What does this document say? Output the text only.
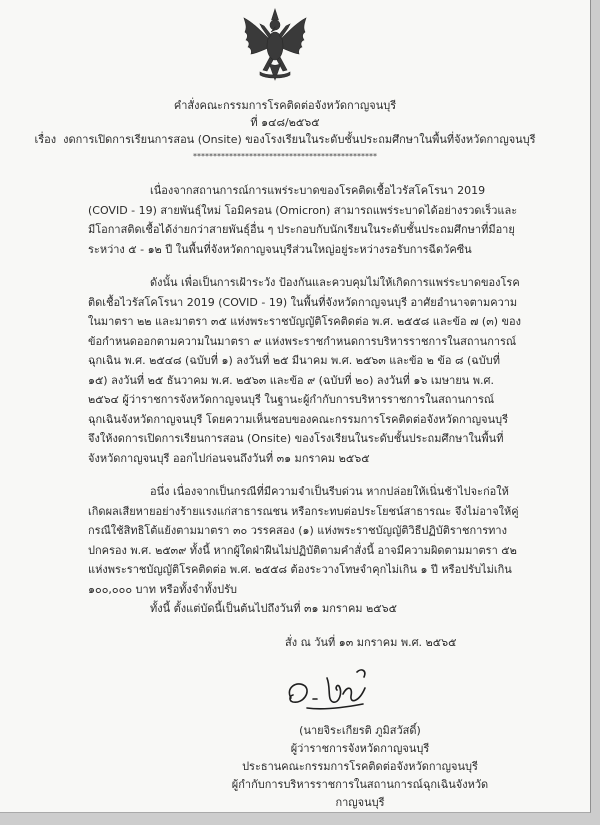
คำสั่งคณะกรรมการโรคติดต่อจังหวัดกาญจนบุรี
ที่ ๑๔๘/๒๕๖๕
เรื่อง งดการเปิดการเรียนการสอน (Onsite) ของโรงเรียนในระดับชั้นประถมศึกษาในพื้นที่จังหวัดกาญจนบุรี
**********************************************

เนื่องจากสถานการณ์การแพร่ระบาดของโรคติดเชื้อไวรัสโคโรนา 2019 (COVID - 19) สายพันธุ์ใหม่ โอมิครอน (Omicron) สามารถแพร่ระบาดได้อย่างรวดเร็วและมีโอกาสติดเชื้อได้ง่ายกว่าสายพันธุ์อื่น ๆ ประกอบกับนักเรียนในระดับชั้นประถมศึกษาที่มีอายุระหว่าง ๕ - ๑๒ ปี ในพื้นที่จังหวัดกาญจนบุรีส่วนใหญ่อยู่ระหว่างรอรับการฉีดวัคซีน

ดังนั้น เพื่อเป็นการเฝ้าระวัง ป้องกันและควบคุมไม่ให้เกิดการแพร่ระบาดของโรคติดเชื้อไวรัสโคโรนา 2019 (COVID - 19) ในพื้นที่จังหวัดกาญจนบุรี อาศัยอำนาจตามความในมาตรา ๒๒ และมาตรา ๓๕ แห่งพระราชบัญญัติโรคติดต่อ พ.ศ. ๒๕๕๘ และข้อ ๗ (๓) ของข้อกำหนดออกตามความในมาตรา ๙ แห่งพระราชกำหนดการบริหารราชการในสถานการณ์ฉุกเฉิน พ.ศ. ๒๕๔๘ (ฉบับที่ ๑) ลงวันที่ ๒๕ มีนาคม พ.ศ. ๒๕๖๓ และข้อ ๒ ข้อ ๘ (ฉบับที่ ๑๕) ลงวันที่ ๒๕ ธันวาคม พ.ศ. ๒๕๖๓ และข้อ ๙ (ฉบับที่ ๒๐) ลงวันที่ ๑๖ เมษายน พ.ศ. ๒๕๖๔ ผู้ว่าราชการจังหวัดกาญจนบุรี ในฐานะผู้กำกับการบริหารราชการในสถานการณ์ฉุกเฉินจังหวัดกาญจนบุรี โดยความเห็นชอบของคณะกรรมการโรคติดต่อจังหวัดกาญจนบุรี จึงให้งดการเปิดการเรียนการสอน (Onsite) ของโรงเรียนในระดับชั้นประถมศึกษาในพื้นที่จังหวัดกาญจนบุรี ออกไปก่อนจนถึงวันที่ ๓๑ มกราคม ๒๕๖๕

อนึ่ง เนื่องจากเป็นกรณีที่มีความจำเป็นรีบด่วน หากปล่อยให้เนิ่นช้าไปจะก่อให้เกิดผลเสียหายอย่างร้ายแรงแก่สาธารณชน หรือกระทบต่อประโยชน์สาธารณะ จึงไม่อาจให้คู่กรณีใช้สิทธิโต้แย้งตามมาตรา ๓๐ วรรคสอง (๑) แห่งพระราชบัญญัติวิธีปฏิบัติราชการทางปกครอง พ.ศ. ๒๕๓๙ ทั้งนี้ หากผู้ใดฝ่าฝืนไม่ปฏิบัติตามคำสั่งนี้ อาจมีความผิดตามมาตรา ๕๒ แห่งพระราชบัญญัติโรคติดต่อ พ.ศ. ๒๕๕๘ ต้องระวางโทษจำคุกไม่เกิน ๑ ปี หรือปรับไม่เกิน ๑๐๐,๐๐๐ บาท หรือทั้งจำทั้งปรับ

ทั้งนี้ ตั้งแต่บัดนี้เป็นต้นไปถึงวันที่ ๓๑ มกราคม ๒๕๖๕

สั่ง ณ วันที่ ๑๓ มกราคม พ.ศ. ๒๕๖๕
(นายจิระเกียรติ ภูมิสวัสดิ์)
ผู้ว่าราชการจังหวัดกาญจนบุรี
ประธานคณะกรรมการโรคติดต่อจังหวัดกาญจนบุรี
ผู้กำกับการบริหารราชการในสถานการณ์ฉุกเฉินจังหวัดกาญจนบุรี
